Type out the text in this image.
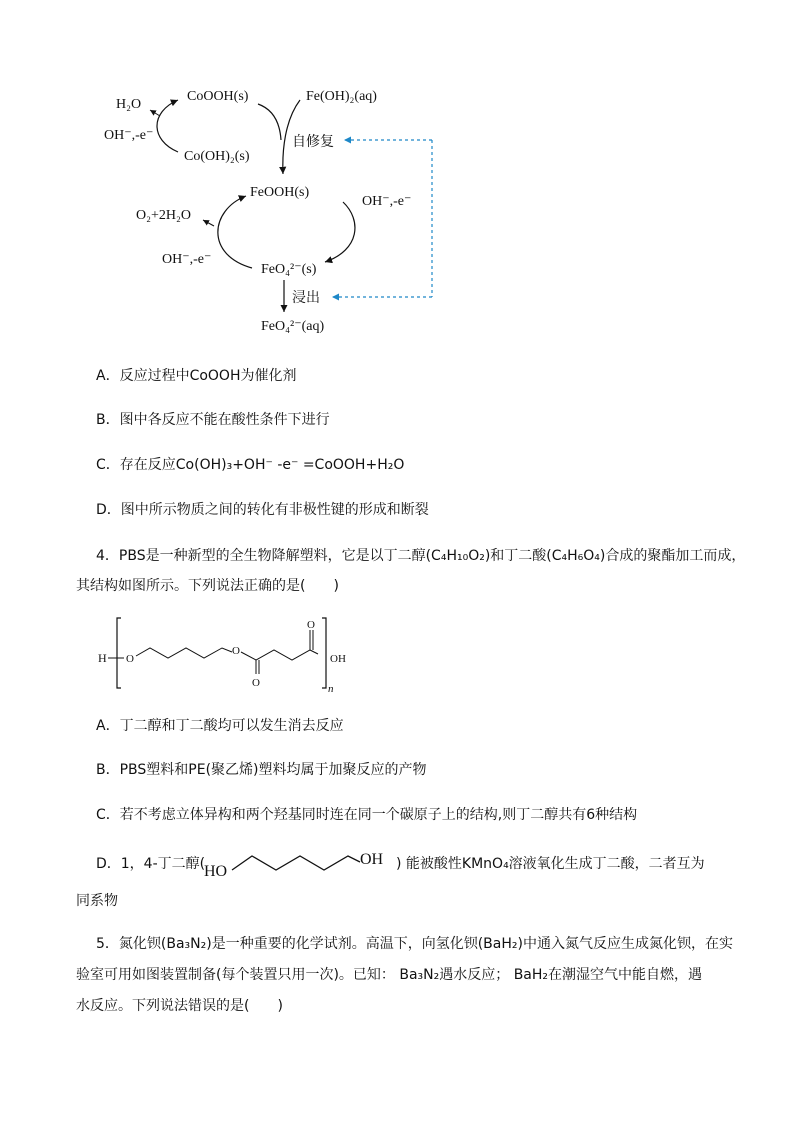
H₂O
OH⁻,-e⁻
CoOOH(s)
Co(OH)₂(s)
Fe(OH)₂(aq)
自修复
FeOOH(s)
OH⁻,-e⁻
O₂+2H₂O
OH⁻,-e⁻
FeO₄²⁻(s)
浸出
FeO₄²⁻(aq)
A．反应过程中CoOOH为催化剂
B．图中各反应不能在酸性条件下进行
C．存在反应Co(OH)₃+OH⁻ -e⁻ =CoOOH+H₂O
D．图中所示物质之间的转化有非极性键的形成和断裂
4．PBS是一种新型的全生物降解塑料，它是以丁二醇(C₄H₁₀O₂)和丁二酸(C₄H₆O₄)合成的聚酯加工而成，
其结构如图所示。下列说法正确的是(　　)
H O
O
O
O
OH
n
A．丁二醇和丁二酸均可以发生消去反应
B．PBS塑料和PE(聚乙烯)塑料均属于加聚反应的产物
C．若不考虑立体异构和两个羟基同时连在同一个碳原子上的结构,则丁二醇共有6种结构
D．1，4-丁二醇(
HO
OH ) 能被酸性KMnO₄溶液氧化生成丁二酸，二者互为
同系物
5．氮化钡(Ba₃N₂)是一种重要的化学试剂。高温下，向氢化钡(BaH₂)中通入氮气反应生成氮化钡，在实
验室可用如图装置制备(每个装置只用一次)。已知： Ba₃N₂遇水反应； BaH₂在潮湿空气中能自燃，遇
水反应。下列说法错误的是(　　)
